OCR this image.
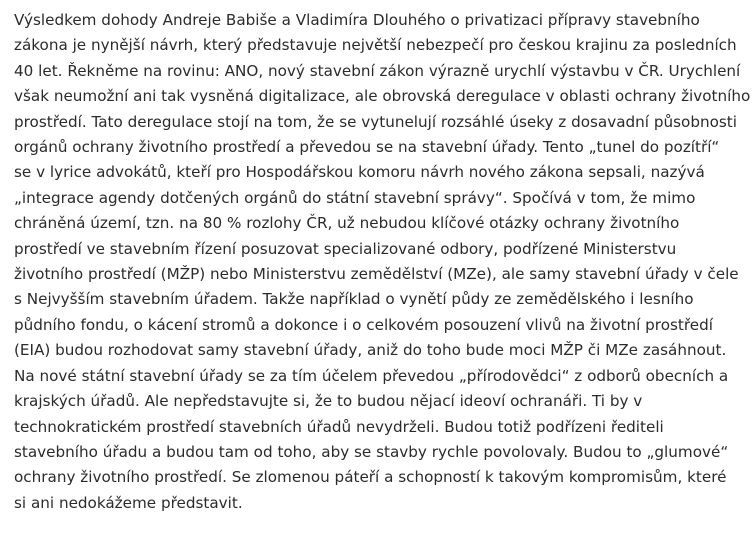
Výsledkem dohody Andreje Babiše a Vladimíra Dlouhého o privatizaci přípravy stavebního
zákona je nynější návrh, který představuje největší nebezpečí pro českou krajinu za posledních
40 let. Řekněme na rovinu: ANO, nový stavební zákon výrazně urychlí výstavbu v ČR. Urychlení
však neumožní ani tak vysněná digitalizace, ale obrovská deregulace v oblasti ochrany životního
prostředí. Tato deregulace stojí na tom, že se vytunelují rozsáhlé úseky z dosavadní působnosti
orgánů ochrany životního prostředí a převedou se na stavební úřady. Tento „tunel do pozítří“
se v lyrice advokátů, kteří pro Hospodářskou komoru návrh nového zákona sepsali, nazývá
„integrace agendy dotčených orgánů do státní stavební správy“. Spočívá v tom, že mimo
chráněná území, tzn. na 80 % rozlohy ČR, už nebudou klíčové otázky ochrany životního
prostředí ve stavebním řízení posuzovat specializované odbory, podřízené Ministerstvu
životního prostředí (MŽP) nebo Ministerstvu zemědělství (MZe), ale samy stavební úřady v čele
s Nejvyšším stavebním úřadem. Takže například o vynětí půdy ze zemědělského i lesního
půdního fondu, o kácení stromů a dokonce i o celkovém posouzení vlivů na životní prostředí
(EIA) budou rozhodovat samy stavební úřady, aniž do toho bude moci MŽP či MZe zasáhnout.
Na nové státní stavební úřady se za tím účelem převedou „přírodovědci“ z odborů obecních a
krajských úřadů. Ale nepředstavujte si, že to budou nějací ideoví ochranáři. Ti by v
technokratickém prostředí stavebních úřadů nevydrželi. Budou totiž podřízeni řediteli
stavebního úřadu a budou tam od toho, aby se stavby rychle povolovaly. Budou to „glumové“
ochrany životního prostředí. Se zlomenou páteří a schopností k takovým kompromisům, které
si ani nedokážeme představit.
